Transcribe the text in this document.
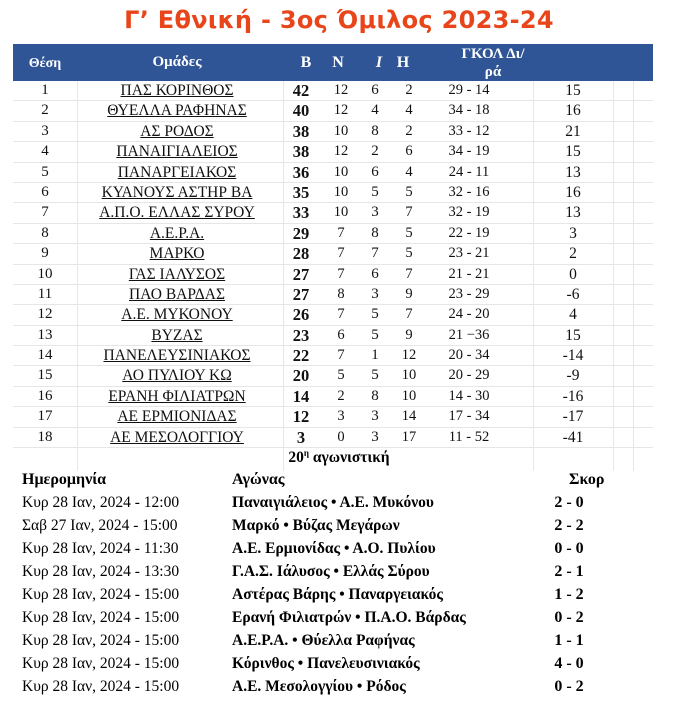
Γ’ Εθνική - 3ος Όμιλος 2023-24
Θέση	Ομάδες	Β Ν	Ι Η	ΓΚΟΛ Δι/
ρά
1	ΠΑΣ ΚΟΡΙΝΘΟΣ	42	12	6	2	29 - 14	15
2	ΘΥΕΛΛΑ ΡΑΦΗΝΑΣ	40	12	4	4	34 - 18	16
3	ΑΣ ΡΟΔΟΣ	38	10	8	2	33 - 12	21
4	ΠΑΝΑΙΓΙΑΛΕΙΟΣ	38	12	2	6	34 - 19	15
5	ΠΑΝΑΡΓΕΙΑΚΟΣ	36	10	6	4	24 - 11	13
6	ΚΥΑΝΟΥΣ ΑΣΤΗΡ ΒΑ	35	10	5	5	32 - 16	16
7	Α.Π.Ο. ΕΛΛΑΣ ΣΥΡΟΥ	33	10	3	7	32 - 19	13
8	Α.Ε.Ρ.Α.	29	7	8	5	22 - 19	3
9	ΜΑΡΚΟ	28	7	7	5	23 - 21	2
10	ΓΑΣ ΙΑΛΥΣΟΣ	27	7	6	7	21 - 21	0
11	ΠΑΟ ΒΑΡΔΑΣ	27	8	3	9	23 - 29	-6
12	Α.Ε. ΜΥΚΟΝΟΥ	26	7	5	7	24 - 20	4
13	ΒΥΖΑΣ	23	6	5	9	21 −36	15
14	ΠΑΝΕΛΕΥΣΙΝΙΑΚΟΣ	22	7	1	12	20 - 34	-14
15	ΑΟ ΠΥΛΙΟΥ ΚΩ	20	5	5	10	20 - 29	-9
16	ΕΡΑΝΗ ΦΙΛΙΑΤΡΩΝ	14	2	8	10	14 - 30	-16
17	ΑΕ ΕΡΜΙΟΝΙΔΑΣ	12	3	3	14	17 - 34	-17
18	ΑΕ ΜΕΣΟΛΟΓΓΙΟΥ	3	0	3	17	11 - 52	-41
$20^\eta$ αγωνιστική
Ημερομηνία	Αγώνας	Σκορ
Κυρ 28 Ιαν, 2024 - 12:00	Παναιγιάλειος • Α.Ε. Μυκόνου	2 - 0
Σαβ 27 Ιαν, 2024 - 15:00	Μαρκό • Βύζας Μεγάρων	2 - 2
Κυρ 28 Ιαν, 2024 - 11:30	Α.Ε. Ερμιονίδας • Α.Ο. Πυλίου	0 - 0
Κυρ 28 Ιαν, 2024 - 13:30	Γ.Α.Σ. Ιάλυσος • Ελλάς Σύρου	2 - 1
Κυρ 28 Ιαν, 2024 - 15:00	Αστέρας Βάρης • Παναργειακός	1 - 2
Κυρ 28 Ιαν, 2024 - 15:00	Ερανή Φιλιατρών • Π.Α.Ο. Βάρδας	0 - 2
Κυρ 28 Ιαν, 2024 - 15:00	Α.Ε.Ρ.Α. • Θύελλα Ραφήνας	1 - 1
Κυρ 28 Ιαν, 2024 - 15:00	Κόρινθος • Πανελευσινιακός	4 - 0
Κυρ 28 Ιαν, 2024 - 15:00	Α.Ε. Μεσολογγίου • Ρόδος	0 - 2
